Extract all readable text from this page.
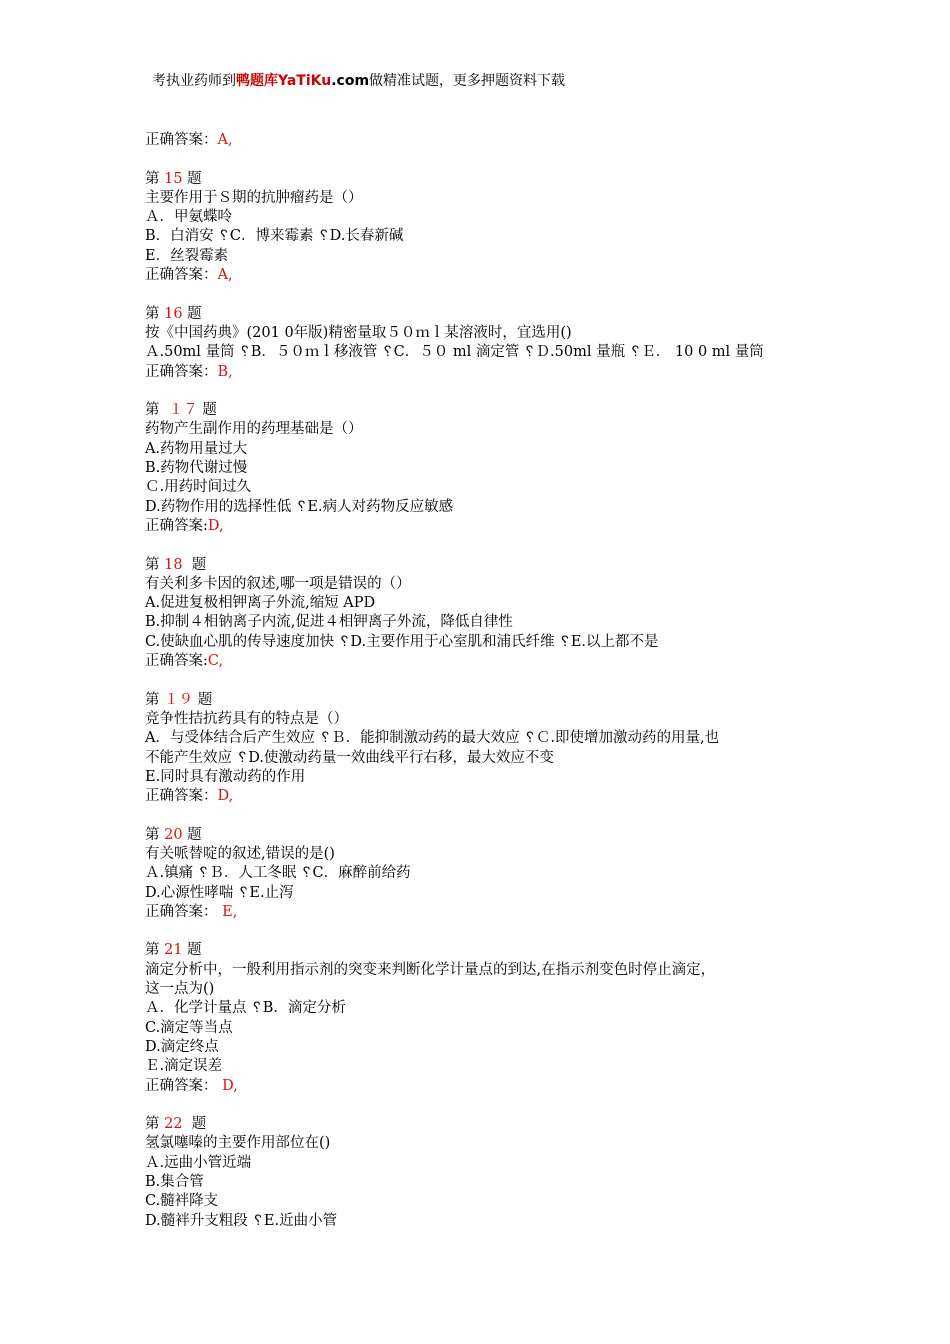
考执业药师到鸭题库YaTiKu.com做精准试题，更多押题资料下载
正确答案：A,
第 15 题
主要作用于Ｓ期的抗肿瘤药是（）
Ａ．甲氨蝶呤
B．白消安 ␦C．博来霉素 ␦D.长春新碱
E．丝裂霉素
正确答案：A,
第 16 题
按《中国药典》(201 0年版)精密量取５０ｍｌ某溶液时，宜选用()
Ａ.50ml 量筒 ␦B．５０ｍｌ移液管 ␦C．５０ ml 滴定管 ␦Ｄ.50ml 量瓶 ␦Ｅ． 10 0 ml 量筒
正确答案：B,
第  １７ 题
药物产生副作用的药理基础是（）
A.药物用量过大
B.药物代谢过慢
Ｃ.用药时间过久
D.药物作用的选择性低 ␦E.病人对药物反应敏感
正确答案:D,
第 18  题
有关利多卡因的叙述,哪一项是错误的（）
A.促进复极相钾离子外流,缩短 APD
B.抑制４相钠离子内流,促进４相钾离子外流，降低自律性
C.使缺血心肌的传导速度加快 ␦D.主要作用于心室肌和浦氏纤维 ␦E.以上都不是
正确答案:C,
第 １９ 题
竞争性拮抗药具有的特点是（）
A．与受体结合后产生效应 ␦Ｂ．能抑制激动药的最大效应 ␦Ｃ.即使增加激动药的用量,也
不能产生效应 ␦D.使激动药量一效曲线平行右移，最大效应不变
E.同时具有激动药的作用
正确答案：D,
第 20 题
有关哌替啶的叙述,错误的是()
Ａ.镇痛 ␦Ｂ．人工冬眠 ␦C．麻醉前给药
D.心源性哮喘 ␦E.止泻
正确答案： E,
第 21 题
滴定分析中，一般利用指示剂的突变来判断化学计量点的到达,在指示剂变色时停止滴定，
这一点为()
Ａ．化学计量点 ␦B．滴定分析
C.滴定等当点
D.滴定终点
Ｅ.滴定误差
正确答案： D,
第 22  题
氢氯噻嗪的主要作用部位在()
Ａ.远曲小管近端
B.集合管
C.髓袢降支
D.髓袢升支粗段 ␦E.近曲小管
